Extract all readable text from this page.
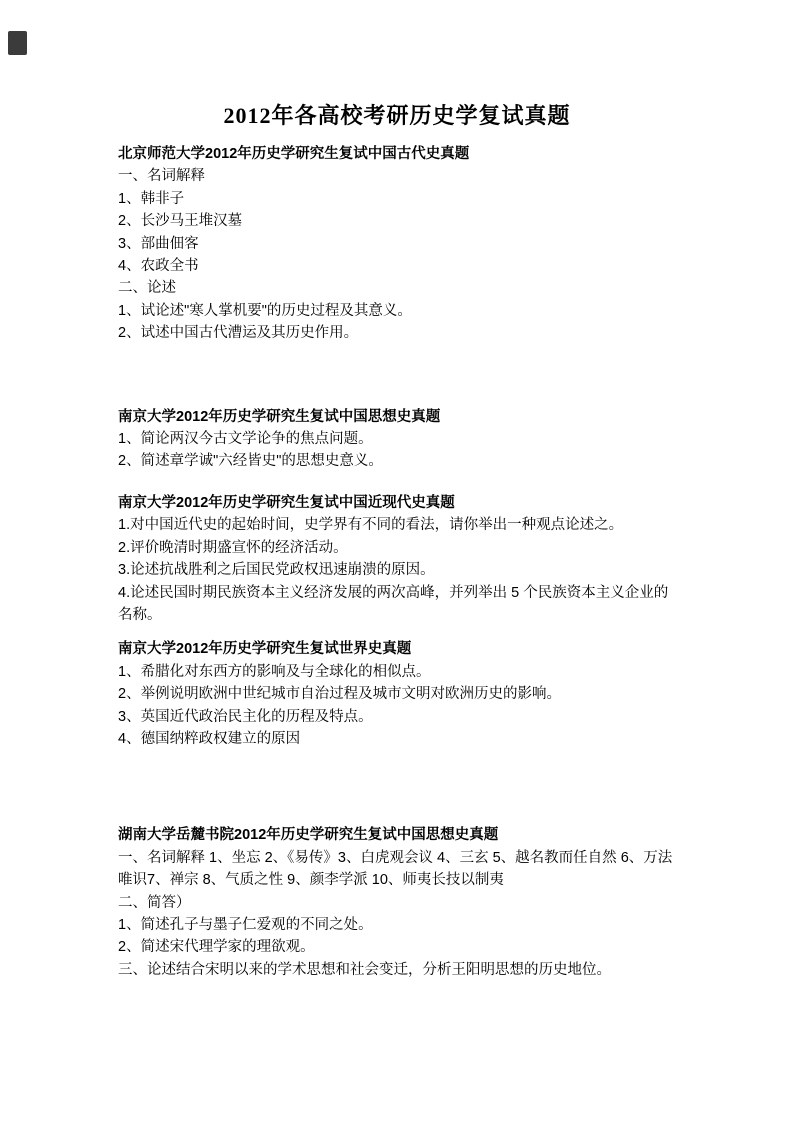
2012年各高校考研历史学复试真题

北京师范大学2012年历史学研究生复试中国古代史真题

一、名词解释

1、韩非子

2、长沙马王堆汉墓

3、部曲佃客

4、农政全书

二、论述

1、试论述"寒人掌机要"的历史过程及其意义。

2、试述中国古代漕运及其历史作用。

南京大学2012年历史学研究生复试中国思想史真题

1、简论两汉今古文学论争的焦点问题。

2、简述章学诚"六经皆史"的思想史意义。

南京大学2012年历史学研究生复试中国近现代史真题

1.对中国近代史的起始时间，史学界有不同的看法，请你举出一种观点论述之。

2.评价晚清时期盛宣怀的经济活动。

3.论述抗战胜利之后国民党政权迅速崩溃的原因。

4.论述民国时期民族资本主义经济发展的两次高峰，并列举出 5 个民族资本主义企业的名称。

南京大学2012年历史学研究生复试世界史真题

1、希腊化对东西方的影响及与全球化的相似点。

2、举例说明欧洲中世纪城市自治过程及城市文明对欧洲历史的影响。

3、英国近代政治民主化的历程及特点。

4、德国纳粹政权建立的原因

湖南大学岳麓书院2012年历史学研究生复试中国思想史真题

一、名词解释 1、坐忘 2、《易传》3、白虎观会议 4、三玄 5、越名教而任自然 6、万法唯识7、禅宗 8、气质之性 9、颜李学派 10、师夷长技以制夷

二、简答）

1、简述孔子与墨子仁爱观的不同之处。

2、简述宋代理学家的理欲观。

三、论述结合宋明以来的学术思想和社会变迁，分析王阳明思想的历史地位。
